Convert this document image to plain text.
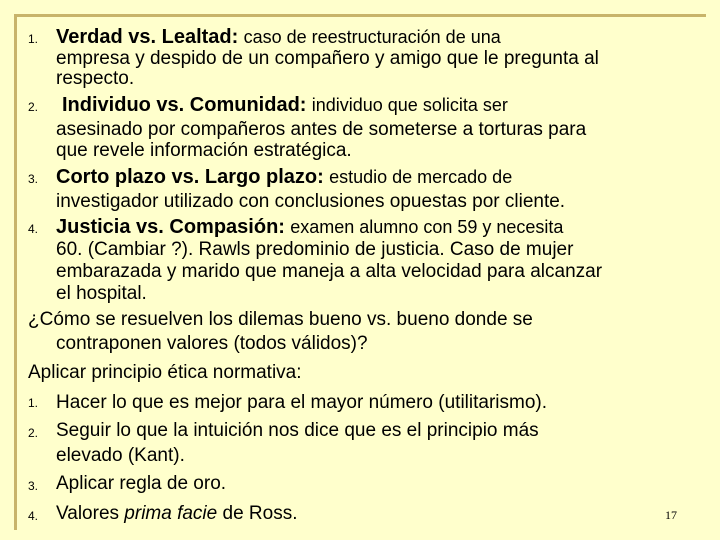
1. Verdad vs. Lealtad: caso de reestructuración de una
empresa y despido de un compañero y amigo que le pregunta al
respecto.
2. Individuo vs. Comunidad: individuo que solicita ser
asesinado por compañeros antes de someterse a torturas para
que revele información estratégica.
3. Corto plazo vs. Largo plazo: estudio de mercado de
investigador utilizado con conclusiones opuestas por cliente.
4. Justicia vs. Compasión: examen alumno con 59 y necesita
60. (Cambiar ?). Rawls predominio de justicia. Caso de mujer
embarazada y marido que maneja a alta velocidad para alcanzar
el hospital.
¿Cómo se resuelven los dilemas bueno vs. bueno donde se
contraponen valores (todos válidos)?
Aplicar principio ética normativa:
1. Hacer lo que es mejor para el mayor número (utilitarismo).
2. Seguir lo que la intuición nos dice que es el principio más
elevado (Kant).
3. Aplicar regla de oro.
4. Valores prima facie de Ross.	17
